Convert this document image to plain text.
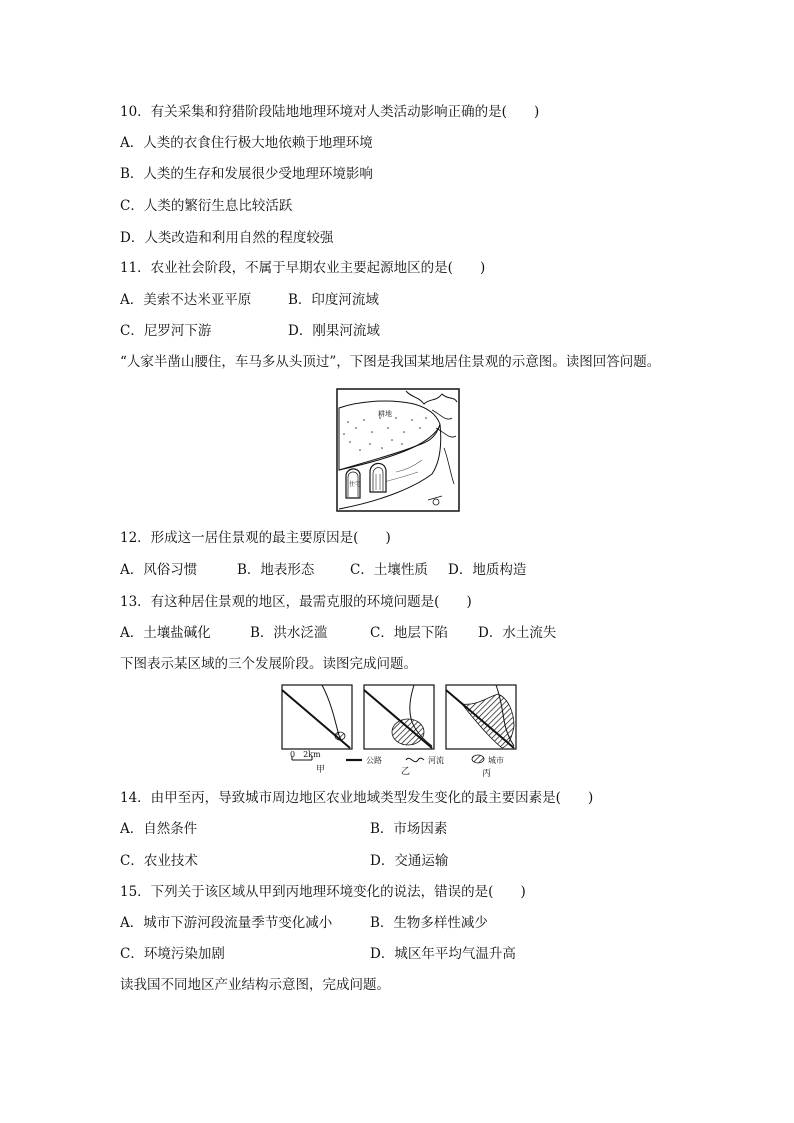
10．有关采集和狩猎阶段陆地地理环境对人类活动影响正确的是(　　)
A．人类的衣食住行极大地依赖于地理环境
B．人类的生存和发展很少受地理环境影响
C．人类的繁衍生息比较活跃
D．人类改造和利用自然的程度较强
11．农业社会阶段，不属于早期农业主要起源地区的是(　　)
A．美索不达米亚平原	B．印度河流域
C．尼罗河下游	D．刚果河流域
“人家半凿山腰住，车马多从头顶过”，下图是我国某地居住景观的示意图。读图回答问题。
耕地
住宅
12．形成这一居住景观的最主要原因是(　　)
A．风俗习惯	B．地表形态	C．土壤性质 D．地质构造
13．有这种居住景观的地区，最需克服的环境问题是(　　)
A．土壤盐碱化	B．洪水泛滥	C．地层下陷 D．水土流失
下图表示某区域的三个发展阶段。读图完成问题。
0　2km
甲
公路
乙
河流	城市
丙
14．由甲至丙，导致城市周边地区农业地域类型发生变化的最主要因素是(　　)
A．自然条件	B．市场因素
C．农业技术	D．交通运输
15．下列关于该区域从甲到丙地理环境变化的说法，错误的是(　　)
A．城市下游河段流量季节变化减小	B．生物多样性减少
C．环境污染加剧	D．城区年平均气温升高
读我国不同地区产业结构示意图，完成问题。
